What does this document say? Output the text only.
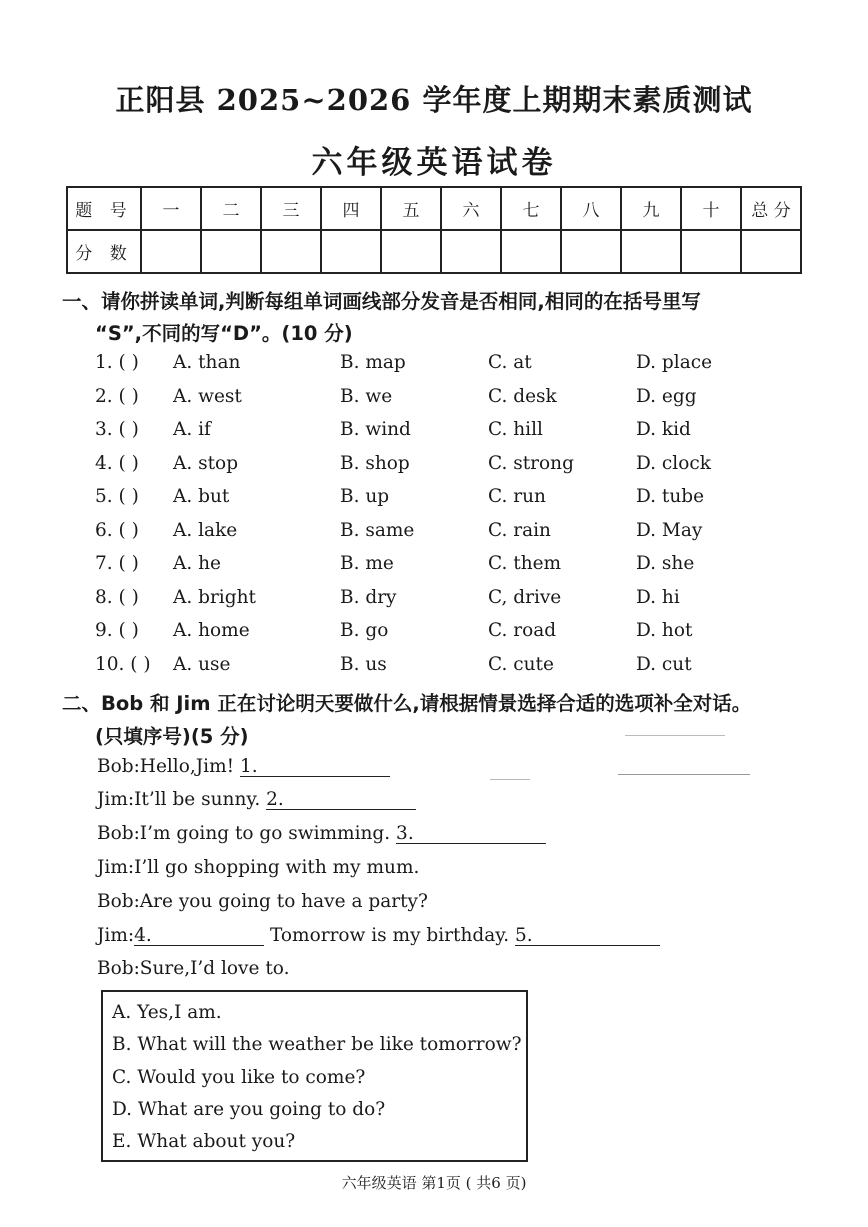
正阳县 2025~2026 学年度上期期末素质测试
六年级英语试卷
题 号	一	二	三	四	五	六	七	八	九	十	总 分
分 数											
一、请你拼读单词,判断每组单词画线部分发音是否相同,相同的在括号里写
“S”,不同的写“D”。(10 分)
1. ( ) A. than	B. map	C. at	D. place
2. ( ) A. west	B. we	C. desk	D. egg
3. ( ) A. if	B. wind	C. hill	D. kid
4. ( ) A. stop	B. shop	C. strong	D. clock
5. ( ) A. but	B. up	C. run	D. tube
6. ( ) A. lake	B. same	C. rain	D. May
7. ( ) A. he	B. me	C. them	D. she
8. ( ) A. bright	B. dry	C, drive	D. hi
9. ( ) A. home	B. go	C. road	D. hot
10. ( ) A. use	B. us	C. cute	D. cut
二、Bob 和 Jim 正在讨论明天要做什么,请根据情景选择合适的选项补全对话。
(只填序号)(5 分)
Bob:Hello,Jim! 1.
Jim:It’ll be sunny. 2.
Bob:I’m going to go swimming. 3.
Jim:I’ll go shopping with my mum.
Bob:Are you going to have a party?
Jim:4.	Tomorrow is my birthday. 5.
Bob:Sure,I’d love to.
A. Yes,I am.
B. What will the weather be like tomorrow?
C. Would you like to come?
D. What are you going to do?
E. What about you?
六年级英语 第1页 ( 共6 页)
